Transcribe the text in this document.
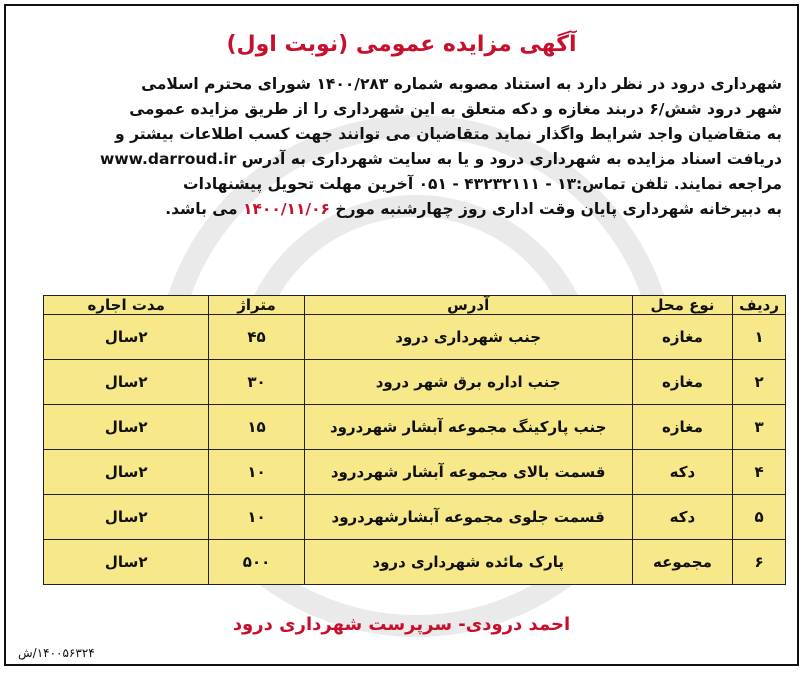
آگهی مزایده عمومی (نوبت اول)
شهرداری درود در نظر دارد به استناد مصوبه شماره ۱۴۰۰/۲۸۳ شورای محترم اسلامی
شهر درود شش/۶ دربند مغازه و دکه متعلق به این شهرداری را از طریق مزایده عمومی
به متقاضیان واجد شرایط واگذار نماید متقاضیان می توانند جهت کسب اطلاعات بیشتر و
دریافت اسناد مزایده به شهرداری درود و یا به سایت شهرداری به آدرس www.darroud.ir
مراجعه نمایند. تلفن تماس:۱۳ - ۴۳۲۳۲۱۱۱ - ۰۵۱ آخرین مهلت تحویل پیشنهادات
به دبیرخانه شهرداری پایان وقت اداری روز چهارشنبه مورخ ۱۴۰۰/۱۱/۰۶ می باشد.
ردیف	نوع محل	آدرس	متراژ	مدت اجاره
۱	مغازه	جنب شهرداری درود	۴۵	۲سال
۲	مغازه	جنب اداره برق شهر درود	۳۰	۲سال
۳	مغازه	جنب پارکینگ مجموعه آبشار شهردرود	۱۵	۲سال
۴	دکه	قسمت بالای مجموعه آبشار شهردرود	۱۰	۲سال
۵	دکه	قسمت جلوی مجموعه آبشارشهردرود	۱۰	۲سال
۶	مجموعه	پارک مائده شهرداری درود	۵۰۰	۲سال
احمد درودی- سرپرست شهرداری درود
۱۴۰۰۵۶۳۲۴/ش
